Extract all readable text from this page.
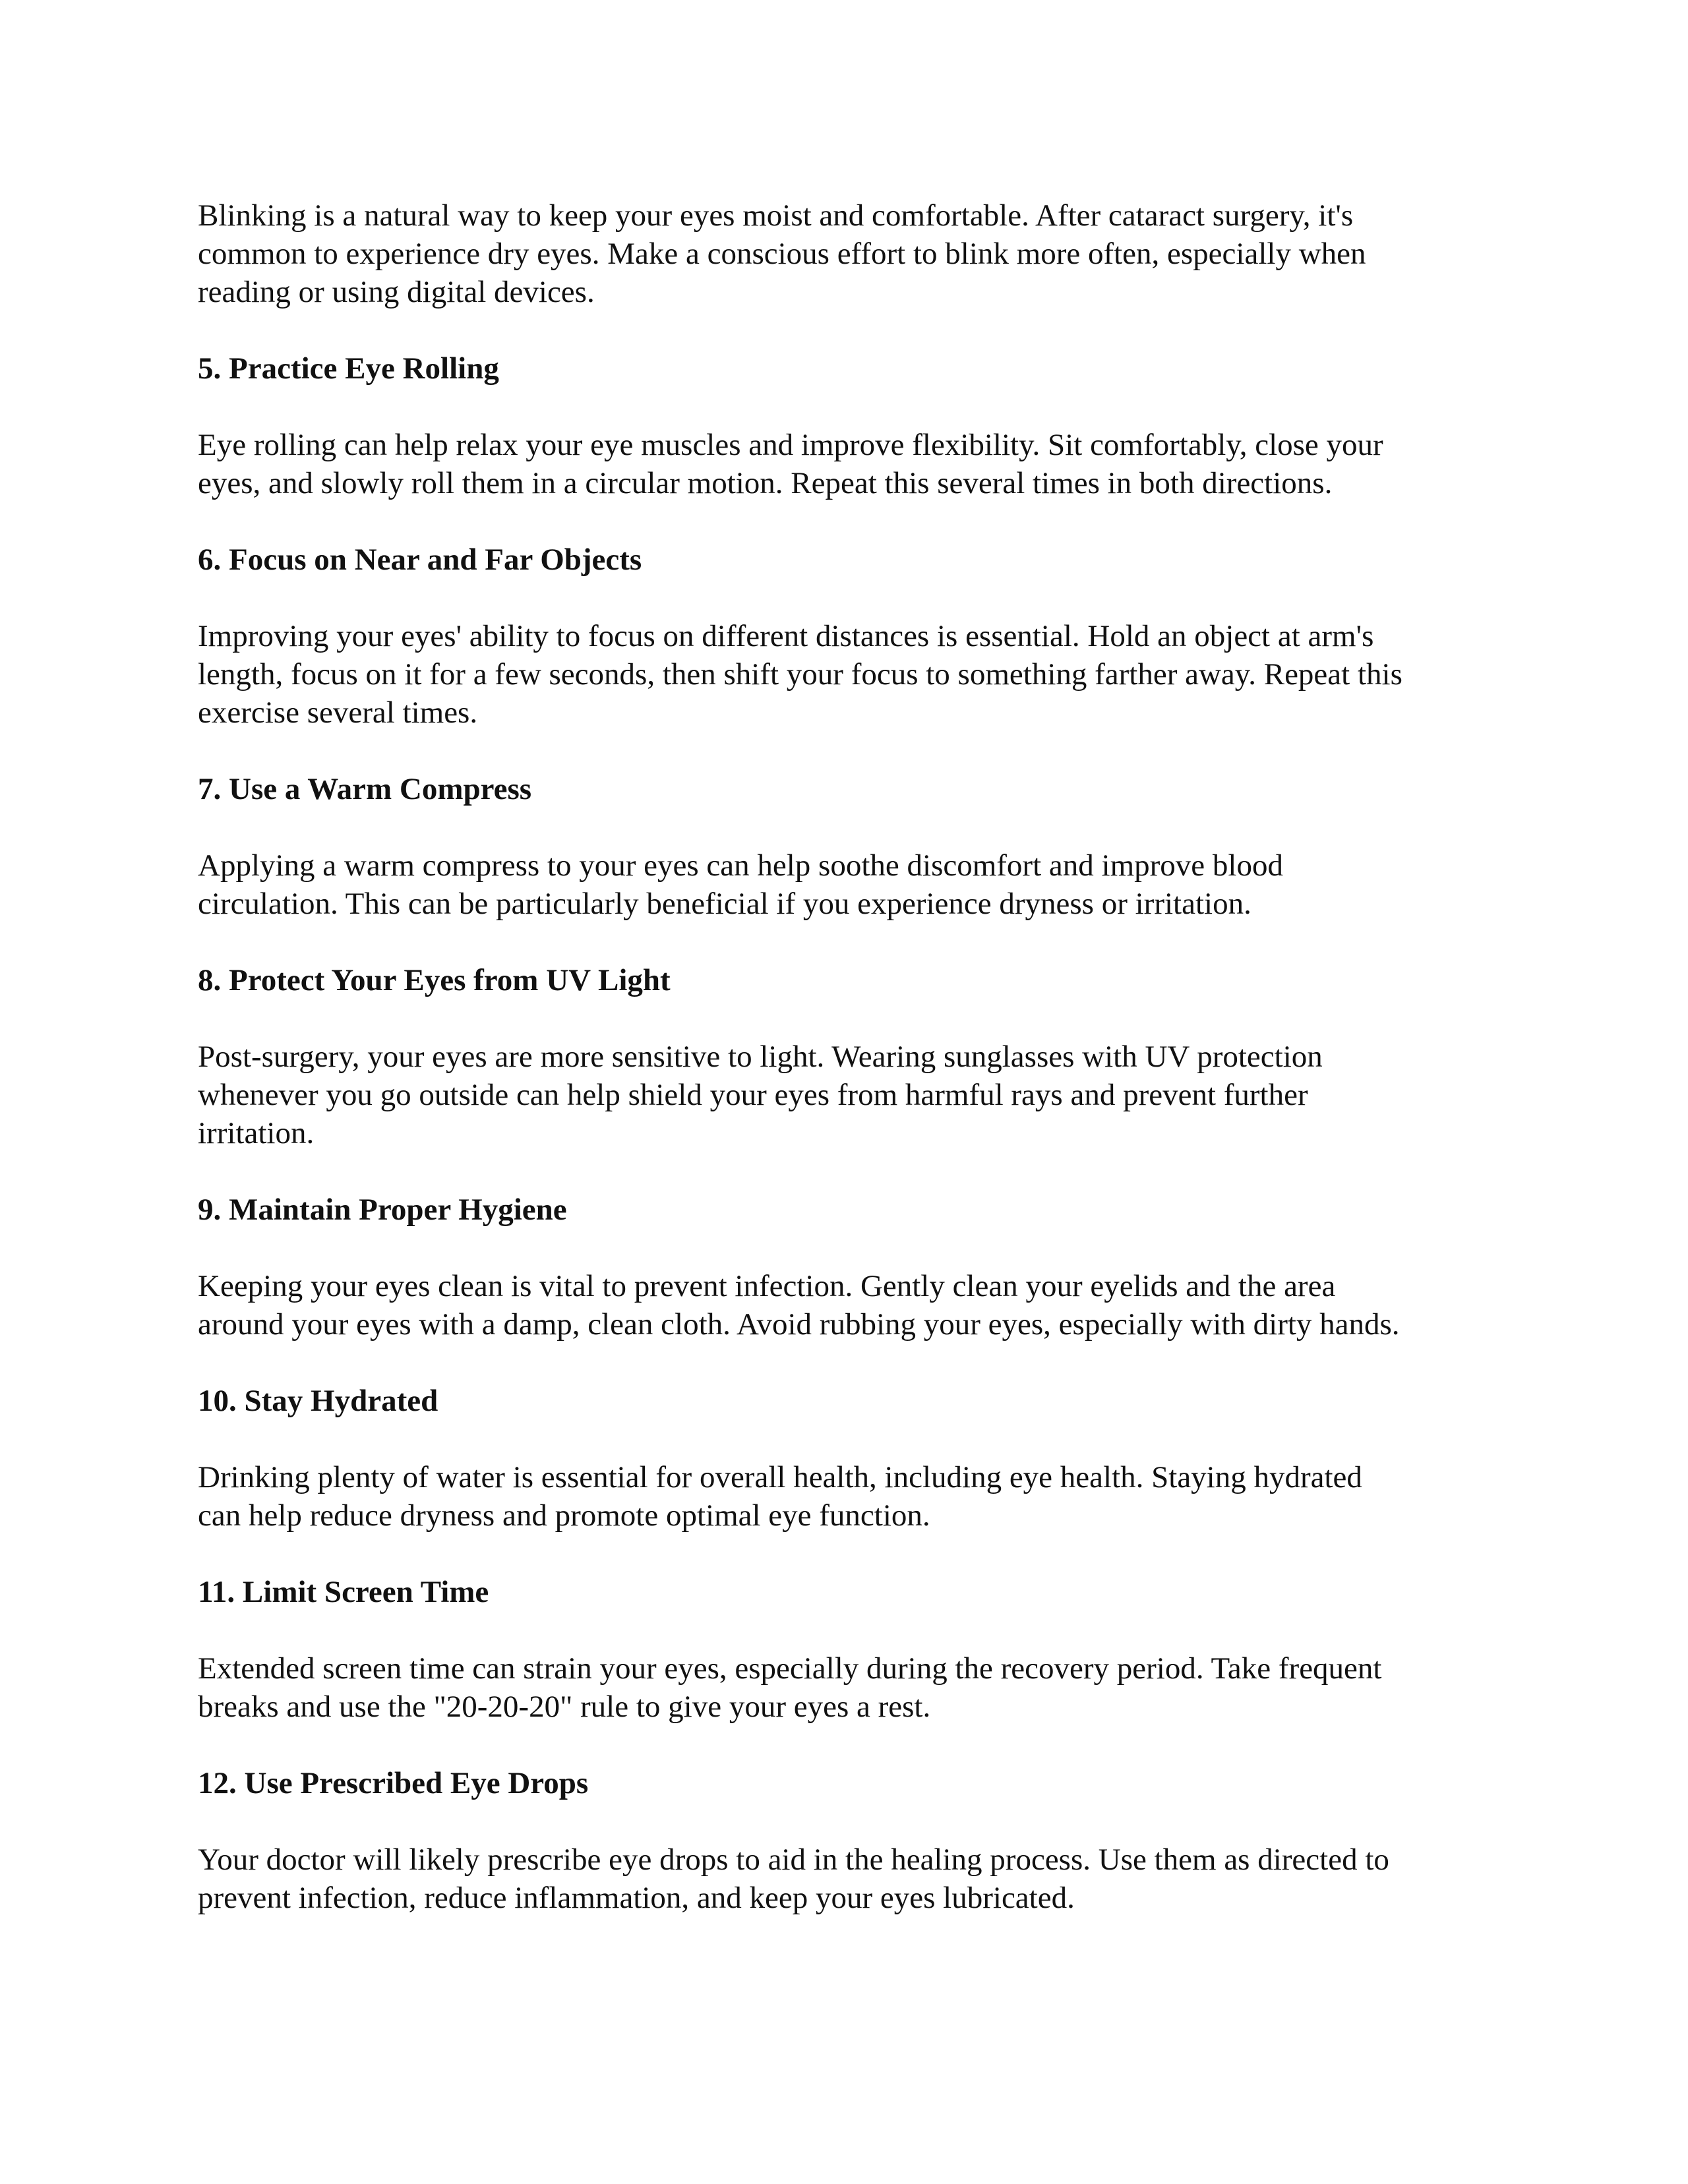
Blinking is a natural way to keep your eyes moist and comfortable. After cataract surgery, it's
common to experience dry eyes. Make a conscious effort to blink more often, especially when
reading or using digital devices.

5. Practice Eye Rolling

Eye rolling can help relax your eye muscles and improve flexibility. Sit comfortably, close your
eyes, and slowly roll them in a circular motion. Repeat this several times in both directions.

6. Focus on Near and Far Objects

Improving your eyes' ability to focus on different distances is essential. Hold an object at arm's
length, focus on it for a few seconds, then shift your focus to something farther away. Repeat this
exercise several times.

7. Use a Warm Compress

Applying a warm compress to your eyes can help soothe discomfort and improve blood
circulation. This can be particularly beneficial if you experience dryness or irritation.

8. Protect Your Eyes from UV Light

Post-surgery, your eyes are more sensitive to light. Wearing sunglasses with UV protection
whenever you go outside can help shield your eyes from harmful rays and prevent further
irritation.

9. Maintain Proper Hygiene

Keeping your eyes clean is vital to prevent infection. Gently clean your eyelids and the area
around your eyes with a damp, clean cloth. Avoid rubbing your eyes, especially with dirty hands.

10. Stay Hydrated

Drinking plenty of water is essential for overall health, including eye health. Staying hydrated
can help reduce dryness and promote optimal eye function.

11. Limit Screen Time

Extended screen time can strain your eyes, especially during the recovery period. Take frequent
breaks and use the "20-20-20" rule to give your eyes a rest.

12. Use Prescribed Eye Drops

Your doctor will likely prescribe eye drops to aid in the healing process. Use them as directed to
prevent infection, reduce inflammation, and keep your eyes lubricated.
